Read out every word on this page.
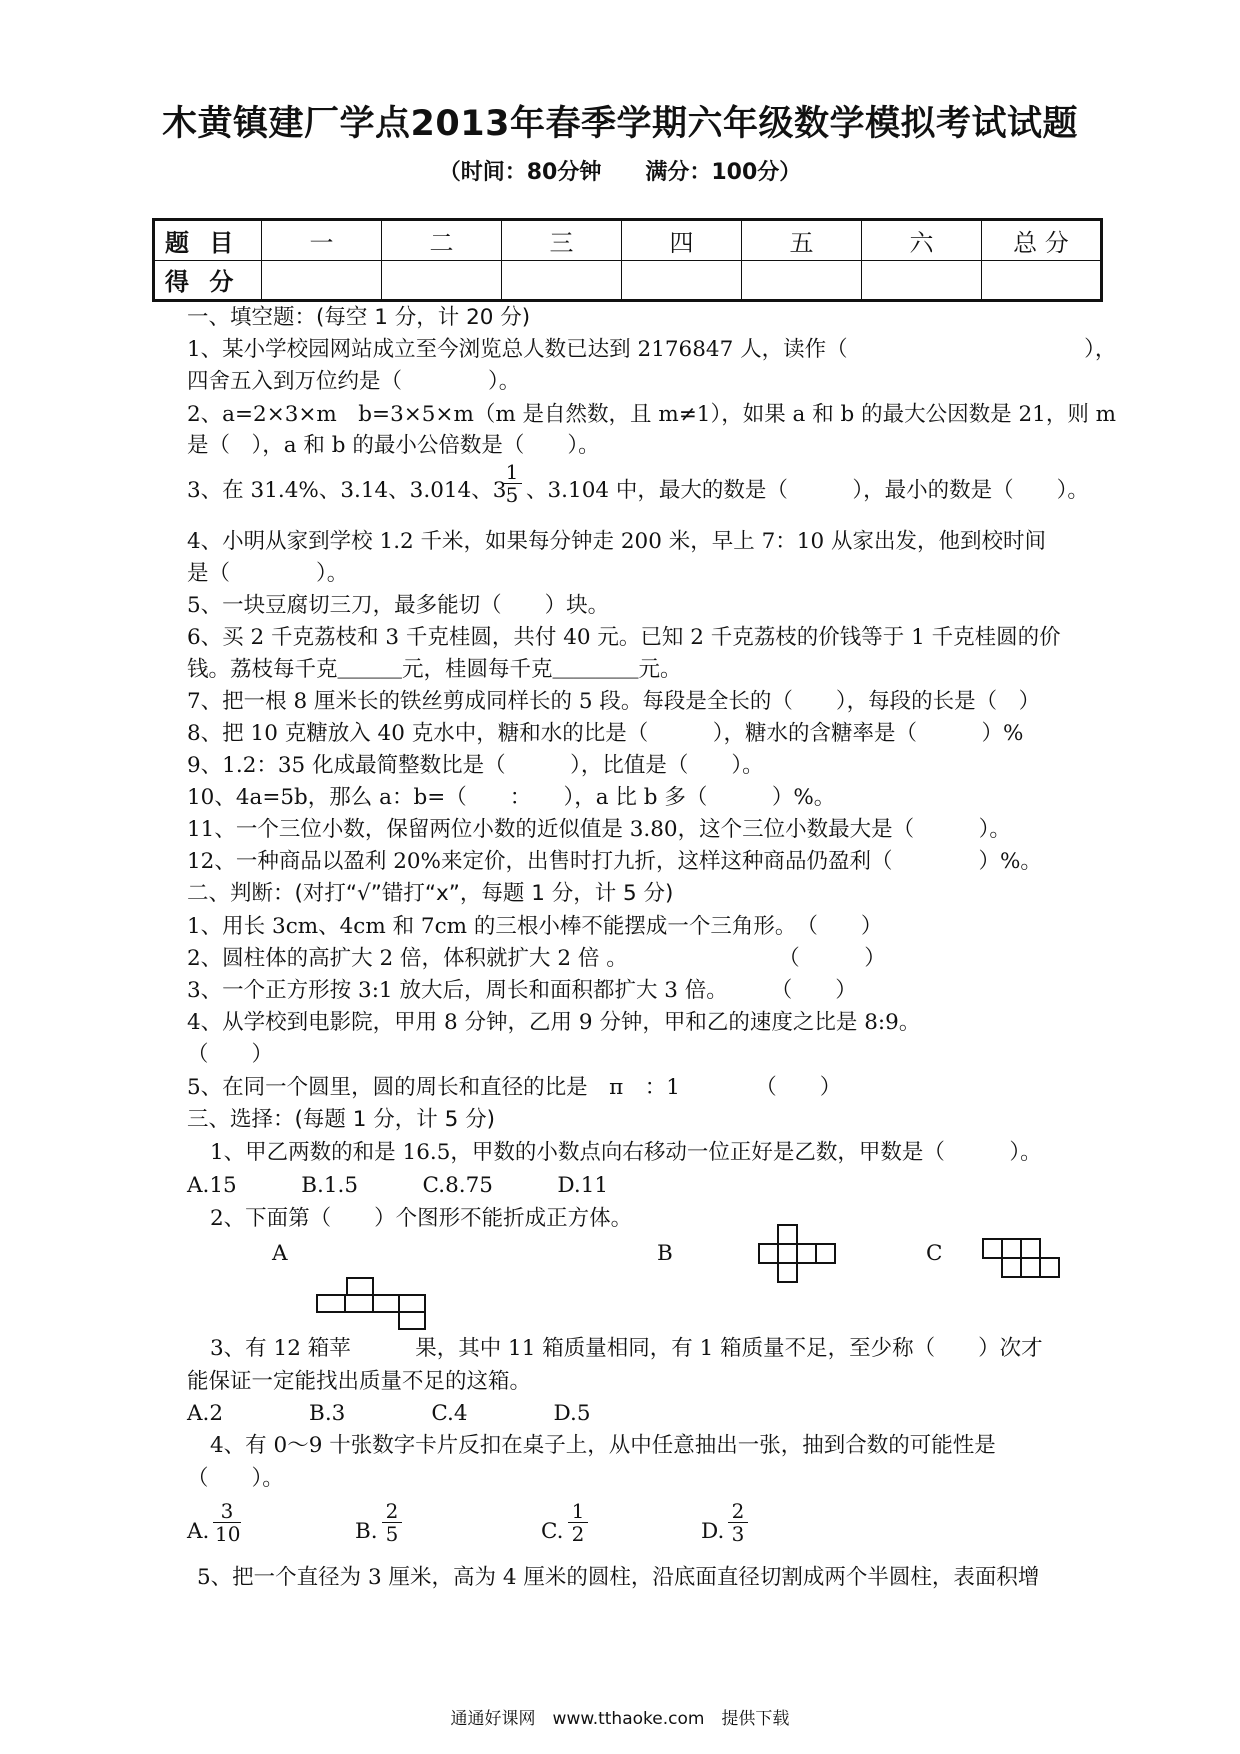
木黄镇建厂学点2013年春季学期六年级数学模拟考试试题
（时间：80分钟　　满分：100分）
题 目	一	二	三	四	五	六	总 分
得 分							
一、填空题：(每空 1 分，计 20 分)
1、某小学校园网站成立至今浏览总人数已达到 2176847 人，读作（　　　　　　　　　　　），
四舍五入到万位约是（　　　　）。
2、a=2×3×m　b=3×5×m（m 是自然数，且 m≠1），如果 a 和 b 的最大公因数是 21，则 m
是（　），a 和 b 的最小公倍数是（　　）。
3、在 31.4%、3.14、3.014、3
$\frac{1}{5}$ 、3.104 中，最大的数是（　　　），最小的数是（　　）。
4、小明从家到学校 1.2 千米，如果每分钟走 200 米，早上 7：10 从家出发，他到校时间
是（　　　　）。
5、一块豆腐切三刀，最多能切（　　）块。
6、买 2 千克荔枝和 3 千克桂圆，共付 40 元。已知 2 千克荔枝的价钱等于 1 千克桂圆的价
钱。荔枝每千克＿＿＿元，桂圆每千克＿＿＿＿元。
7、把一根 8 厘米长的铁丝剪成同样长的 5 段。每段是全长的（　　），每段的长是（　）
8、把 10 克糖放入 40 克水中，糖和水的比是（　　　），糖水的含糖率是（　　　）%
9、1.2：35 化成最简整数比是（　　　），比值是（　　）。
10、4a=5b，那么 a：b=（　　：　　），a 比 b 多（　　　）%。
11、一个三位小数，保留两位小数的近似值是 3.80，这个三位小数最大是（　　　）。
12、一种商品以盈利 20%来定价，出售时打九折，这样这种商品仍盈利（　　　　）%。
二、判断：(对打“√”错打“x”，每题 1 分，计 5 分)
1、用长 3cm、4cm 和 7cm 的三根小棒不能摆成一个三角形。　（　　）
2、圆柱体的高扩大 2 倍，体积就扩大 2 倍 。　　　　　　　　（　　　）
3、一个正方形按 3:1 放大后，周长和面积都扩大 3 倍。　　　（　　）
4、从学校到电影院，甲用 8 分钟，乙用 9 分钟，甲和乙的速度之比是 8:9。
（　　）
5、在同一个圆里，圆的周长和直径的比是　π　：1　　　　（　　）
三、选择：(每题 1 分，计 5 分)
1、甲乙两数的和是 16.5，甲数的小数点向右移动一位正好是乙数，甲数是（　　　）。
A.15　　　B.1.5　　　C.8.75　　　D.11
2、下面第（　　）个图形不能折成正方体。
A	B	C
3、有 12 箱苹　　　果，其中 11 箱质量相同，有 1 箱质量不足，至少称（　　）次才
能保证一定能找出质量不足的这箱。
A.2　　　　B.3　　　　C.4　　　　D.5
4、有 0～9 十张数字卡片反扣在桌子上，从中任意抽出一张，抽到合数的可能性是
（　　）。
A. $\frac{3}{10}$	B. $\frac{2}{5}$	C. $\frac{1}{2}$	D. $\frac{2}{3}$
5、把一个直径为 3 厘米，高为 4 厘米的圆柱，沿底面直径切割成两个半圆柱，表面积增
通通好课网　www.tthaoke.com　提供下载
